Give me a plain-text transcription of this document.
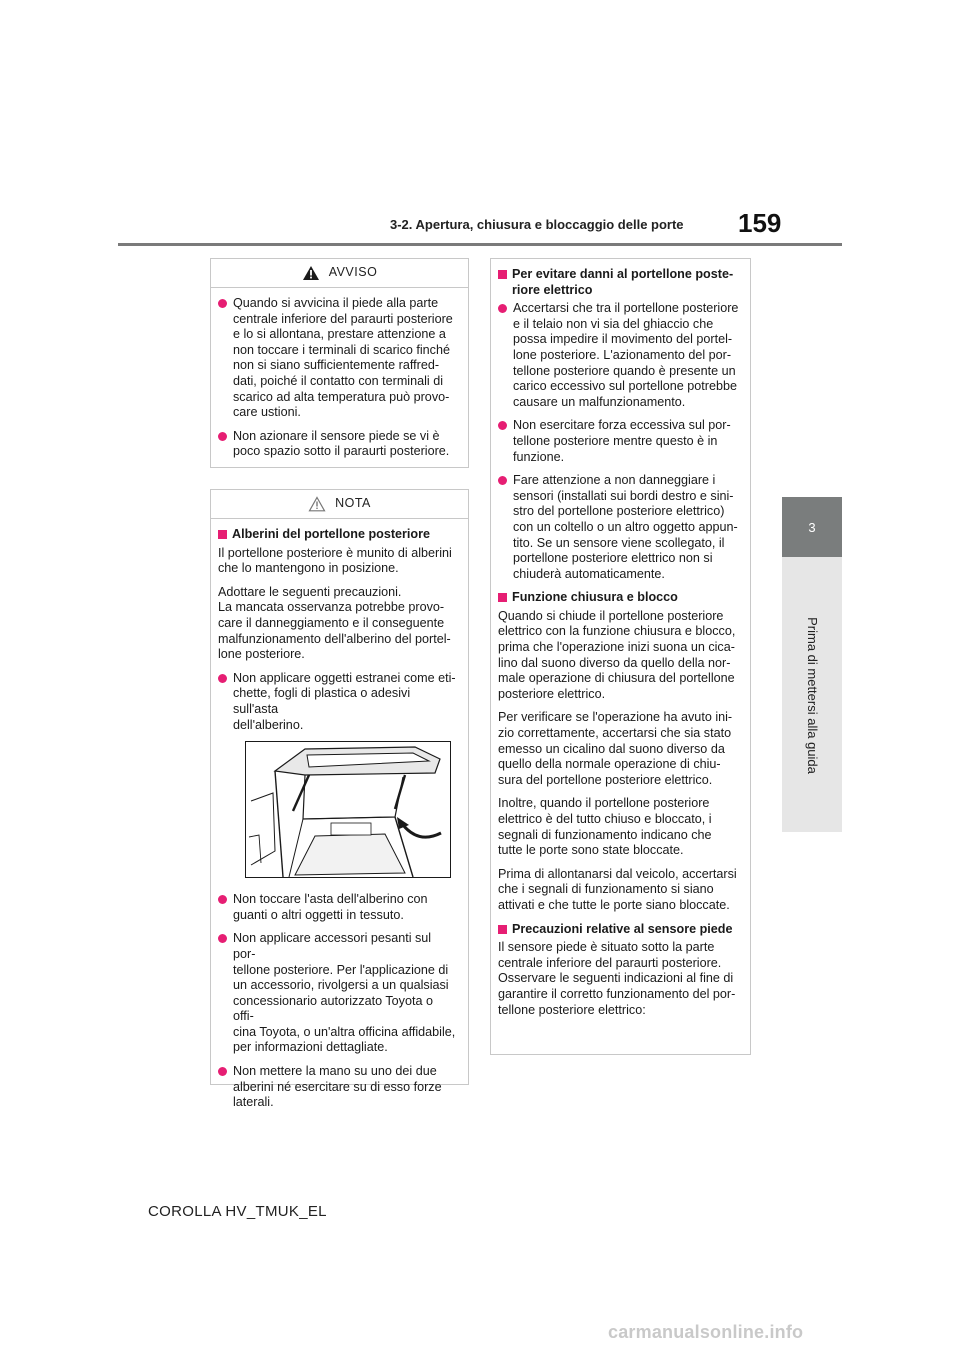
3-2. Apertura, chiusura e bloccaggio delle porte 159
3
Prima di mettersi alla guida
AVVISO
Quando si avvicina il piede alla parte
centrale inferiore del paraurti posteriore
e lo si allontana, prestare attenzione a
non toccare i terminali di scarico finché
non si siano sufficientemente raffred-
dati, poiché il contatto con terminali di
scarico ad alta temperatura può provo-
care ustioni.
Non azionare il sensore piede se vi è
poco spazio sotto il paraurti posteriore.
NOTA
Alberini del portellone posteriore
Il portellone posteriore è munito di alberini
che lo mantengono in posizione.
Adottare le seguenti precauzioni.
La mancata osservanza potrebbe provo-
care il danneggiamento e il conseguente
malfunzionamento dell'alberino del portel-
lone posteriore.
Non applicare oggetti estranei come eti-
chette, fogli di plastica o adesivi sull'asta
dell'alberino.
Non toccare l'asta dell'alberino con
guanti o altri oggetti in tessuto.
Non applicare accessori pesanti sul por-
tellone posteriore. Per l'applicazione di
un accessorio, rivolgersi a un qualsiasi
concessionario autorizzato Toyota o offi-
cina Toyota, o un'altra officina affidabile,
per informazioni dettagliate.
Non mettere la mano su uno dei due
alberini né esercitare su di esso forze
laterali.
Per evitare danni al portellone poste-
riore elettrico
Accertarsi che tra il portellone posteriore
e il telaio non vi sia del ghiaccio che
possa impedire il movimento del portel-
lone posteriore. L'azionamento del por-
tellone posteriore quando è presente un
carico eccessivo sul portellone potrebbe
causare un malfunzionamento.
Non esercitare forza eccessiva sul por-
tellone posteriore mentre questo è in
funzione.
Fare attenzione a non danneggiare i
sensori (installati sui bordi destro e sini-
stro del portellone posteriore elettrico)
con un coltello o un altro oggetto appun-
tito. Se un sensore viene scollegato, il
portellone posteriore elettrico non si
chiuderà automaticamente.
Funzione chiusura e blocco
Quando si chiude il portellone posteriore
elettrico con la funzione chiusura e blocco,
prima che l'operazione inizi suona un cica-
lino dal suono diverso da quello della nor-
male operazione di chiusura del portellone
posteriore elettrico.
Per verificare se l'operazione ha avuto ini-
zio correttamente, accertarsi che sia stato
emesso un cicalino dal suono diverso da
quello della normale operazione di chiu-
sura del portellone posteriore elettrico.
Inoltre, quando il portellone posteriore
elettrico è del tutto chiuso e bloccato, i
segnali di funzionamento indicano che
tutte le porte sono state bloccate.
Prima di allontanarsi dal veicolo, accertarsi
che i segnali di funzionamento si siano
attivati e che tutte le porte siano bloccate.
Precauzioni relative al sensore piede
Il sensore piede è situato sotto la parte
centrale inferiore del paraurti posteriore.
Osservare le seguenti indicazioni al fine di
garantire il corretto funzionamento del por-
tellone posteriore elettrico:
COROLLA HV_TMUK_EL
carmanualsonline.info
